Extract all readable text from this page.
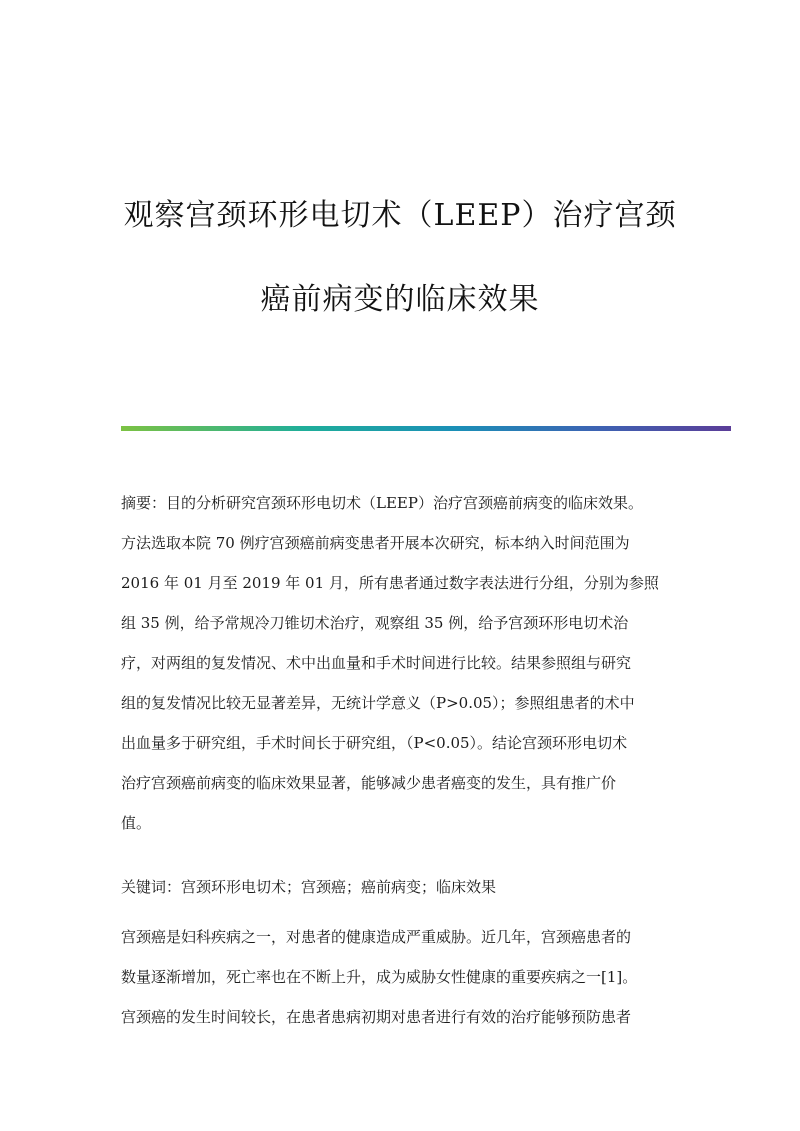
观察宫颈环形电切术（LEEP）治疗宫颈
癌前病变的临床效果
摘要：目的分析研究宫颈环形电切术（LEEP）治疗宫颈癌前病变的临床效果。
方法选取本院 70 例疗宫颈癌前病变患者开展本次研究，标本纳入时间范围为
2016 年 01 月至 2019 年 01 月，所有患者通过数字表法进行分组，分别为参照
组 35 例，给予常规冷刀锥切术治疗，观察组 35 例，给予宫颈环形电切术治
疗，对两组的复发情况、术中出血量和手术时间进行比较。结果参照组与研究
组的复发情况比较无显著差异，无统计学意义（P>0.05）；参照组患者的术中
出血量多于研究组，手术时间长于研究组，（P<0.05）。结论宫颈环形电切术
治疗宫颈癌前病变的临床效果显著，能够减少患者癌变的发生，具有推广价
值。
关键词：宫颈环形电切术；宫颈癌；癌前病变；临床效果
宫颈癌是妇科疾病之一，对患者的健康造成严重威胁。近几年，宫颈癌患者的
数量逐渐增加，死亡率也在不断上升，成为威胁女性健康的重要疾病之一[1]。
宫颈癌的发生时间较长，在患者患病初期对患者进行有效的治疗能够预防患者
